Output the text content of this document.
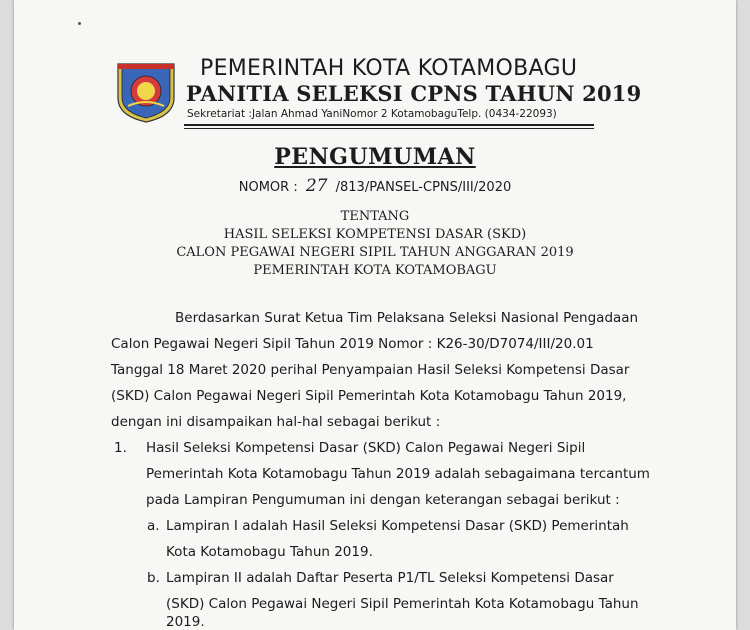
PEMERINTAH KOTA KOTAMOBAGU
PANITIA SELEKSI CPNS TAHUN 2019
Sekretariat :Jalan Ahmad YaniNomor 2 KotamobaguTelp. (0434-22093)
PENGUMUMAN
NOMOR : 27 /813/PANSEL-CPNS/III/2020
TENTANG
HASIL SELEKSI KOMPETENSI DASAR (SKD)
CALON PEGAWAI NEGERI SIPIL TAHUN ANGGARAN 2019
PEMERINTAH KOTA KOTAMOBAGU
Berdasarkan Surat Ketua Tim Pelaksana Seleksi Nasional Pengadaan
Calon Pegawai Negeri Sipil Tahun 2019 Nomor : K26-30/D7074/III/20.01
Tanggal 18 Maret 2020 perihal Penyampaian Hasil Seleksi Kompetensi Dasar
(SKD) Calon Pegawai Negeri Sipil Pemerintah Kota Kotamobagu Tahun 2019,
dengan ini disampaikan hal-hal sebagai berikut :
1. Hasil Seleksi Kompetensi Dasar (SKD) Calon Pegawai Negeri Sipil
Pemerintah Kota Kotamobagu Tahun 2019 adalah sebagaimana tercantum
pada Lampiran Pengumuman ini dengan keterangan sebagai berikut :
a. Lampiran I adalah Hasil Seleksi Kompetensi Dasar (SKD) Pemerintah
Kota Kotamobagu Tahun 2019.
b. Lampiran II adalah Daftar Peserta P1/TL Seleksi Kompetensi Dasar
(SKD) Calon Pegawai Negeri Sipil Pemerintah Kota Kotamobagu Tahun
2019.
